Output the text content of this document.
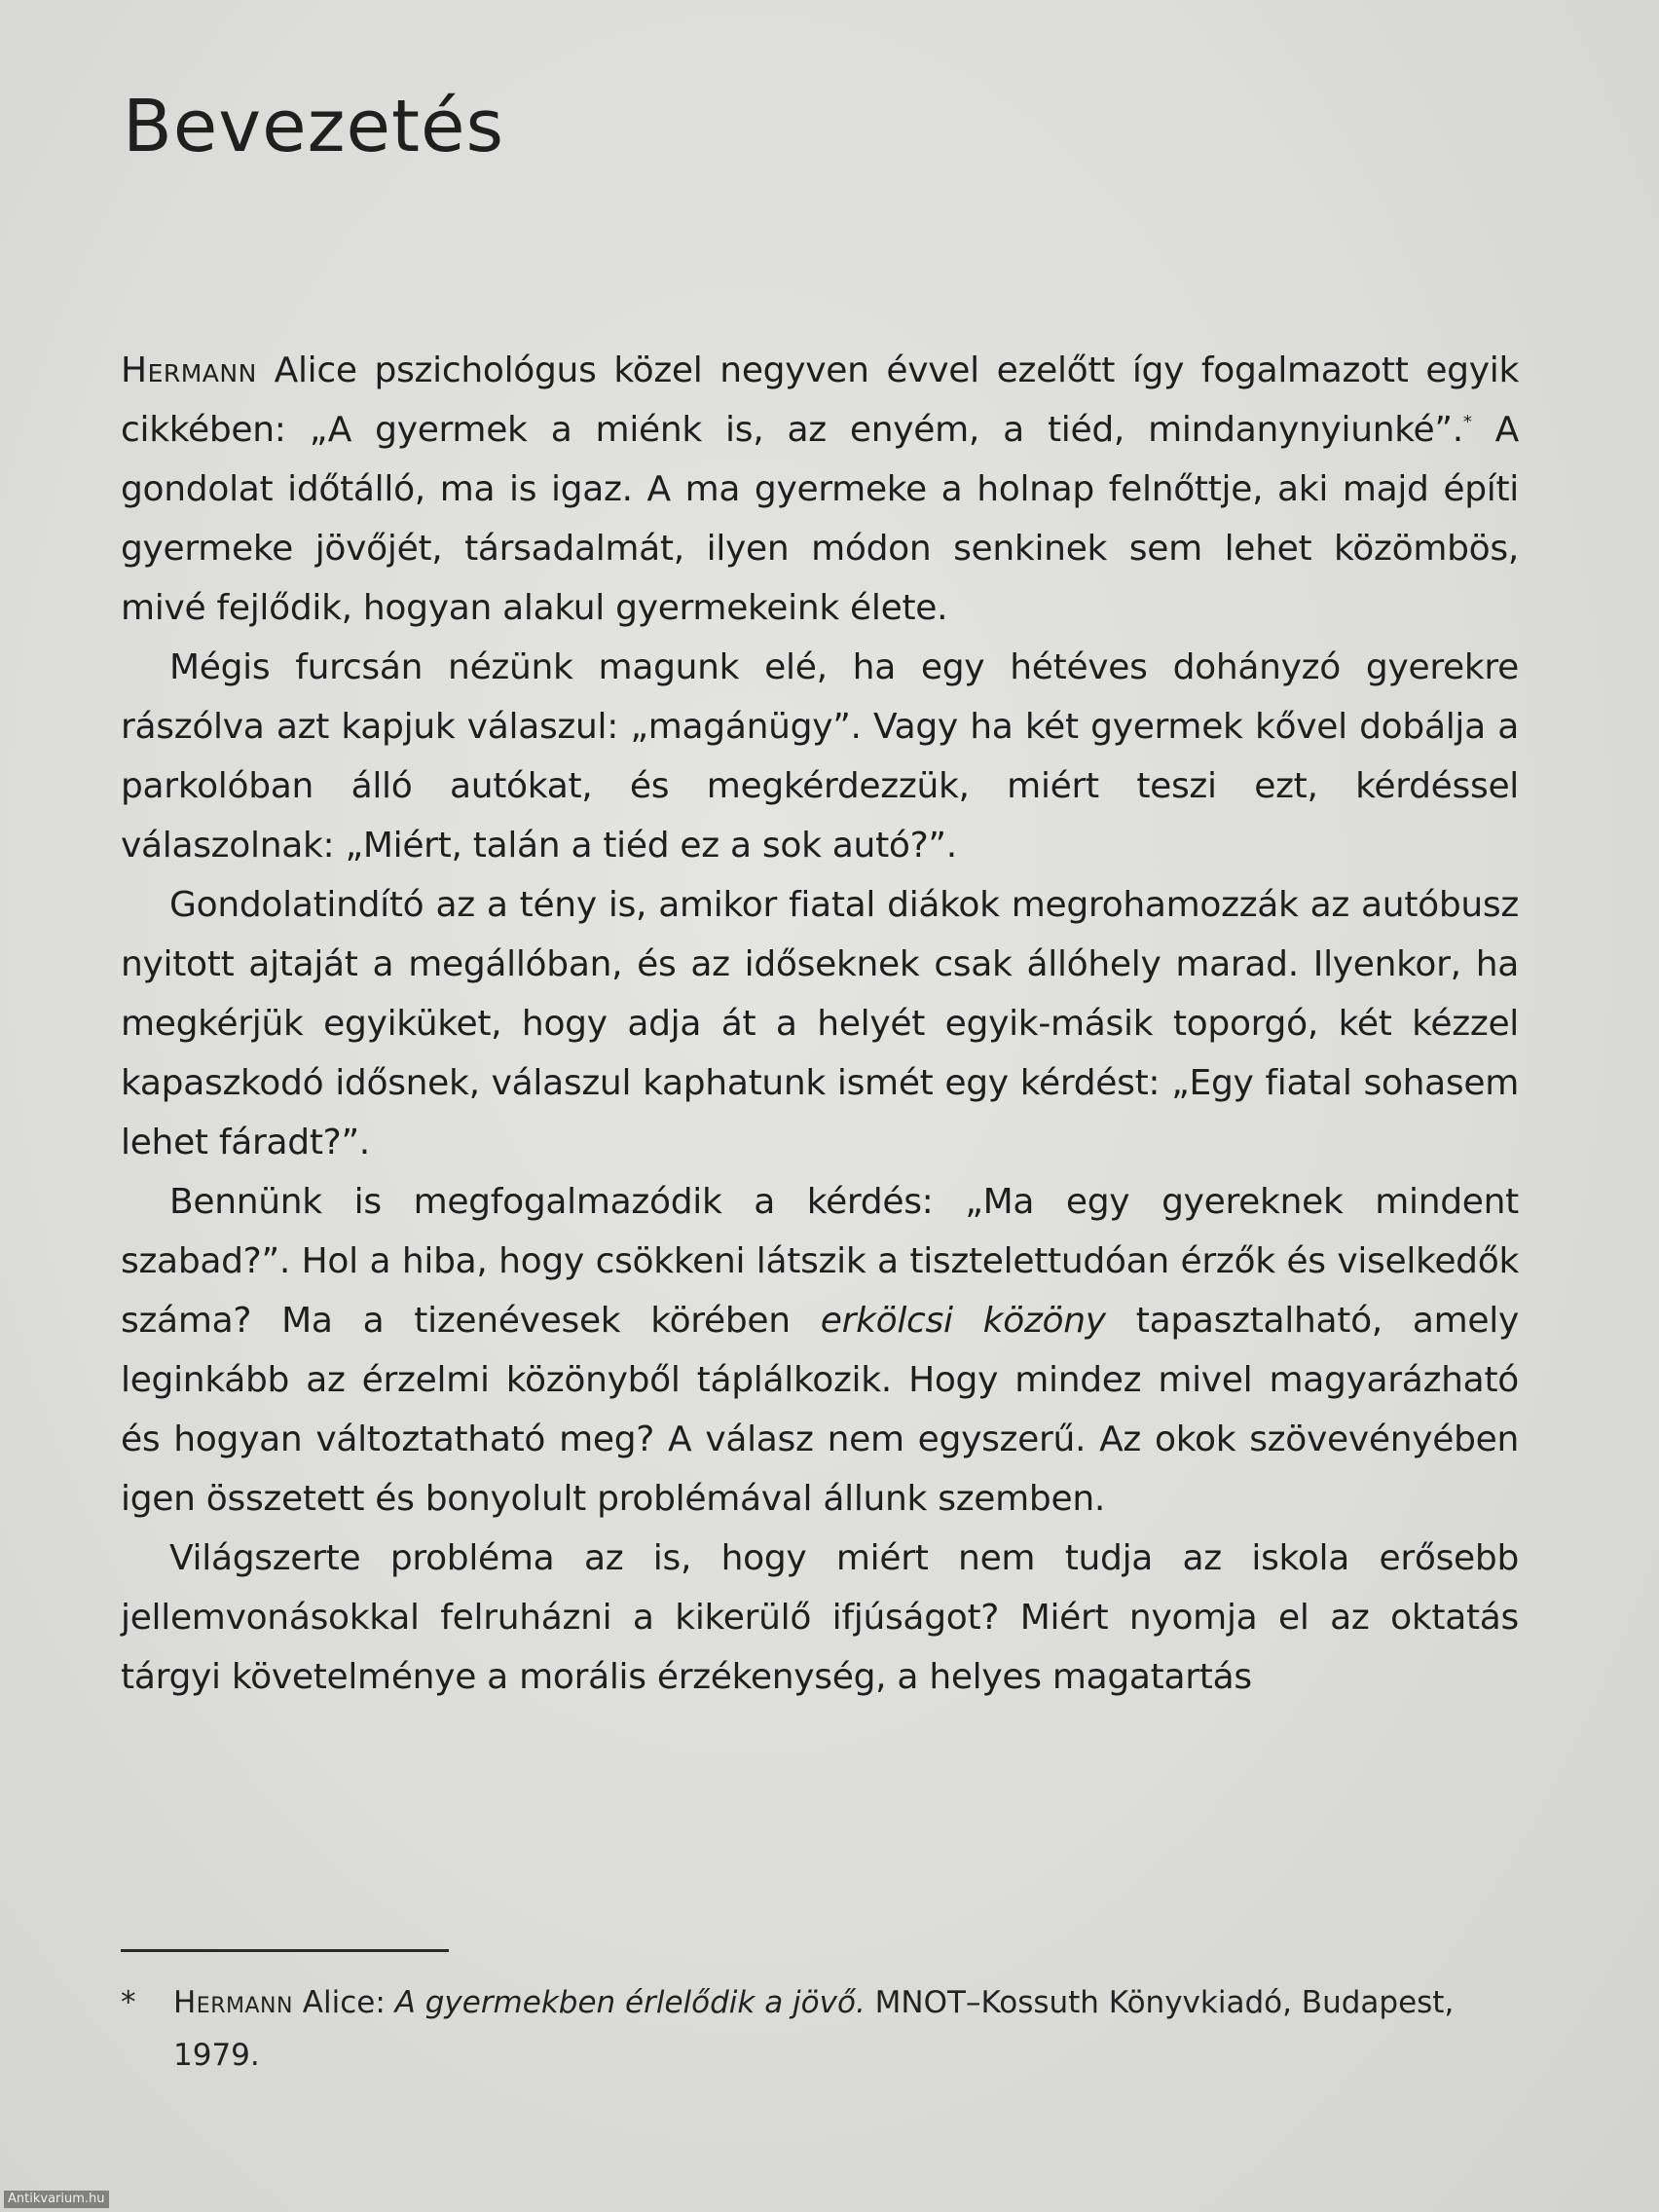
Bevezetés

Hermann Alice pszichológus közel negyven évvel ezelőtt így fogalmazott egyik cikkében: „A gyermek a miénk is, az enyém, a tiéd, mindanynyiunké”.* A gondolat időtálló, ma is igaz. A ma gyermeke a holnap felnőttje, aki majd építi gyermeke jövőjét, társadalmát, ilyen módon senkinek sem lehet közömbös, mivé fejlődik, hogyan alakul gyermekeink élete.

Mégis furcsán nézünk magunk elé, ha egy hétéves dohányzó gyerekre rászólva azt kapjuk válaszul: „magánügy”. Vagy ha két gyermek kővel dobálja a parkolóban álló autókat, és megkérdezzük, miért teszi ezt, kérdéssel válaszolnak: „Miért, talán a tiéd ez a sok autó?”.

Gondolatindító az a tény is, amikor fiatal diákok megrohamozzák az autóbusz nyitott ajtaját a megállóban, és az időseknek csak állóhely marad. Ilyenkor, ha megkérjük egyiküket, hogy adja át a helyét egyik-másik toporgó, két kézzel kapaszkodó idősnek, válaszul kaphatunk ismét egy kérdést: „Egy fiatal sohasem lehet fáradt?”.

Bennünk is megfogalmazódik a kérdés: „Ma egy gyereknek mindent szabad?”. Hol a hiba, hogy csökkeni látszik a tisztelettudóan érzők és viselkedők száma? Ma a tizenévesek körében erkölcsi közöny tapasztalható, amely leginkább az érzelmi közönyből táplálkozik. Hogy mindez mivel magyarázható és hogyan változtatható meg? A válasz nem egyszerű. Az okok szövevényében igen összetett és bonyolult problémával állunk szemben.

Világszerte probléma az is, hogy miért nem tudja az iskola erősebb jellemvonásokkal felruházni a kikerülő ifjúságot? Miért nyomja el az oktatás tárgyi követelménye a morális érzékenység, a helyes magatartás

* Hermann Alice: A gyermekben érlelődik a jövő. MNOT–Kossuth Könyvkiadó, Budapest, 1979.
Antikvarium.hu
